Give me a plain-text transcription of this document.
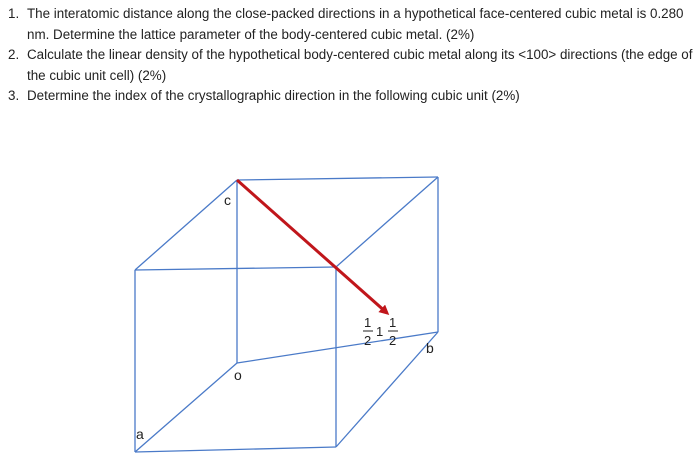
1. The interatomic distance along the close-packed directions in a hypothetical face-centered cubic metal is 0.280 nm. Determine the lattice parameter of the body-centered cubic metal. (2%)
2. Calculate the linear density of the hypothetical body-centered cubic metal along its <100> directions (the edge of the cubic unit cell) (2%)
3. Determine the index of the crystallographic direction in the following cubic unit (2%)
c
o
b
a
1
2
1
1
2
